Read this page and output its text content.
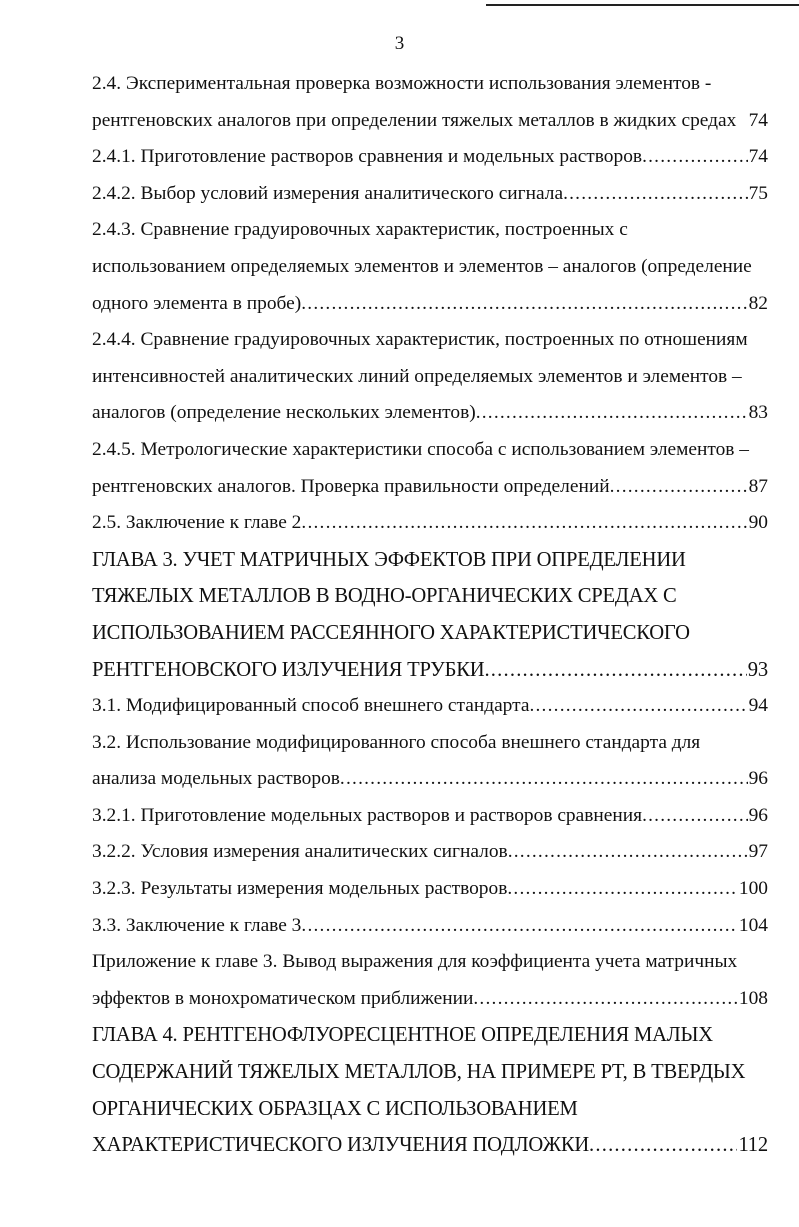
3
2.4. Экспериментальная проверка возможности использования элементов -
рентгеновских аналогов при определении тяжелых металлов в жидких средах 74
2.4.1. Приготовление растворов сравнения и модельных растворов .....	74
2.4.2. Выбор условий измерения аналитического сигнала .....	75
2.4.3. Сравнение градуировочных характеристик, построенных с
использованием определяемых элементов и элементов – аналогов (определение
одного элемента в пробе) .....	82
2.4.4. Сравнение градуировочных характеристик, построенных по отношениям
интенсивностей аналитических линий определяемых элементов и элементов –
аналогов (определение нескольких элементов) .....	83
2.4.5. Метрологические характеристики способа с использованием элементов –
рентгеновских аналогов. Проверка правильности определений .....	87
2.5. Заключение к главе 2 .....	90
ГЛАВА 3. УЧЕТ МАТРИЧНЫХ ЭФФЕКТОВ ПРИ ОПРЕДЕЛЕНИИ
ТЯЖЕЛЫХ МЕТАЛЛОВ В ВОДНО-ОРГАНИЧЕСКИХ СРЕДАХ С
ИСПОЛЬЗОВАНИЕМ РАССЕЯННОГО ХАРАКТЕРИСТИЧЕСКОГО
РЕНТГЕНОВСКОГО ИЗЛУЧЕНИЯ ТРУБКИ .....	93
3.1. Модифицированный способ внешнего стандарта .....	94
3.2. Использование модифицированного способа внешнего стандарта для
анализа модельных растворов .....	96
3.2.1. Приготовление модельных растворов и растворов сравнения .....	96
3.2.2. Условия измерения аналитических сигналов .....	97
3.2.3. Результаты измерения модельных растворов .....	100
3.3. Заключение к главе 3 .....	104
Приложение к главе 3. Вывод выражения для коэффициента учета матричных
эффектов в монохроматическом приближении .....	108
ГЛАВА 4. РЕНТГЕНОФЛУОРЕСЦЕНТНОЕ ОПРЕДЕЛЕНИЯ МАЛЫХ
СОДЕРЖАНИЙ ТЯЖЕЛЫХ МЕТАЛЛОВ, НА ПРИМЕРЕ PT, В ТВЕРДЫХ
ОРГАНИЧЕСКИХ ОБРАЗЦАХ С ИСПОЛЬЗОВАНИЕМ
ХАРАКТЕРИСТИЧЕСКОГО ИЗЛУЧЕНИЯ ПОДЛОЖКИ .....	112
